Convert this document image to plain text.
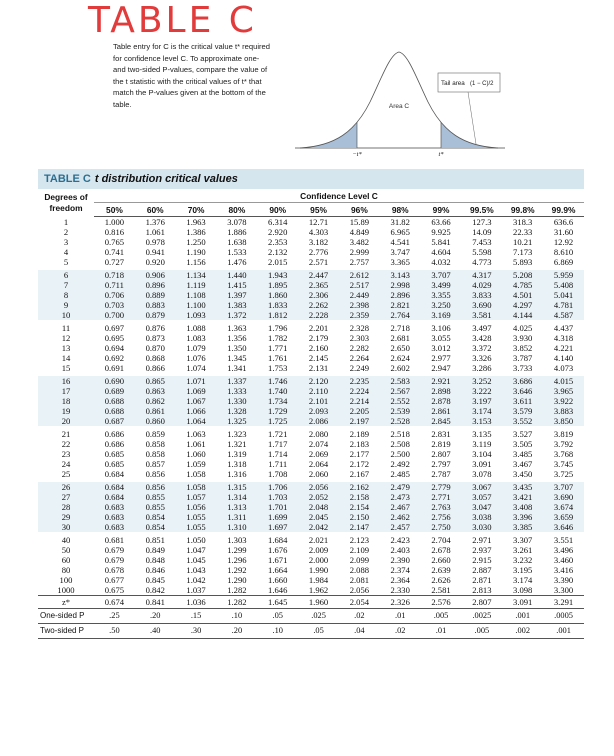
TABLE C
Table entry for C is the critical value t* required for confidence level C. To approximate one- and two-sided P-values, compare the value of the t statistic with the critical values of t* that match the P-values given at the bottom of the table.	Area C
Tail area (1 − C)/2
−t*	t*
TABLE C t distribution critical values
Degrees of
freedom	Confidence Level C											
	50%	60%	70%	80%	90%	95%	96%	98%	99%	99.5%	99.8%	99.9%
1	1.000	1.376	1.963	3.078	6.314	12.71	15.89	31.82	63.66	127.3	318.3	636.6
2	0.816	1.061	1.386	1.886	2.920	4.303	4.849	6.965	9.925	14.09	22.33	31.60
3	0.765	0.978	1.250	1.638	2.353	3.182	3.482	4.541	5.841	7.453	10.21	12.92
4	0.741	0.941	1.190	1.533	2.132	2.776	2.999	3.747	4.604	5.598	7.173	8.610
5	0.727	0.920	1.156	1.476	2.015	2.571	2.757	3.365	4.032	4.773	5.893	6.869

6	0.718	0.906	1.134	1.440	1.943	2.447	2.612	3.143	3.707	4.317	5.208	5.959
7	0.711	0.896	1.119	1.415	1.895	2.365	2.517	2.998	3.499	4.029	4.785	5.408
8	0.706	0.889	1.108	1.397	1.860	2.306	2.449	2.896	3.355	3.833	4.501	5.041
9	0.703	0.883	1.100	1.383	1.833	2.262	2.398	2.821	3.250	3.690	4.297	4.781
10	0.700	0.879	1.093	1.372	1.812	2.228	2.359	2.764	3.169	3.581	4.144	4.587

11	0.697	0.876	1.088	1.363	1.796	2.201	2.328	2.718	3.106	3.497	4.025	4.437
12	0.695	0.873	1.083	1.356	1.782	2.179	2.303	2.681	3.055	3.428	3.930	4.318
13	0.694	0.870	1.079	1.350	1.771	2.160	2.282	2.650	3.012	3.372	3.852	4.221
14	0.692	0.868	1.076	1.345	1.761	2.145	2.264	2.624	2.977	3.326	3.787	4.140
15	0.691	0.866	1.074	1.341	1.753	2.131	2.249	2.602	2.947	3.286	3.733	4.073

16	0.690	0.865	1.071	1.337	1.746	2.120	2.235	2.583	2.921	3.252	3.686	4.015
17	0.689	0.863	1.069	1.333	1.740	2.110	2.224	2.567	2.898	3.222	3.646	3.965
18	0.688	0.862	1.067	1.330	1.734	2.101	2.214	2.552	2.878	3.197	3.611	3.922
19	0.688	0.861	1.066	1.328	1.729	2.093	2.205	2.539	2.861	3.174	3.579	3.883
20	0.687	0.860	1.064	1.325	1.725	2.086	2.197	2.528	2.845	3.153	3.552	3.850

21	0.686	0.859	1.063	1.323	1.721	2.080	2.189	2.518	2.831	3.135	3.527	3.819
22	0.686	0.858	1.061	1.321	1.717	2.074	2.183	2.508	2.819	3.119	3.505	3.792
23	0.685	0.858	1.060	1.319	1.714	2.069	2.177	2.500	2.807	3.104	3.485	3.768
24	0.685	0.857	1.059	1.318	1.711	2.064	2.172	2.492	2.797	3.091	3.467	3.745
25	0.684	0.856	1.058	1.316	1.708	2.060	2.167	2.485	2.787	3.078	3.450	3.725

26	0.684	0.856	1.058	1.315	1.706	2.056	2.162	2.479	2.779	3.067	3.435	3.707
27	0.684	0.855	1.057	1.314	1.703	2.052	2.158	2.473	2.771	3.057	3.421	3.690
28	0.683	0.855	1.056	1.313	1.701	2.048	2.154	2.467	2.763	3.047	3.408	3.674
29	0.683	0.854	1.055	1.311	1.699	2.045	2.150	2.462	2.756	3.038	3.396	3.659
30	0.683	0.854	1.055	1.310	1.697	2.042	2.147	2.457	2.750	3.030	3.385	3.646

40	0.681	0.851	1.050	1.303	1.684	2.021	2.123	2.423	2.704	2.971	3.307	3.551
50	0.679	0.849	1.047	1.299	1.676	2.009	2.109	2.403	2.678	2.937	3.261	3.496
60	0.679	0.848	1.045	1.296	1.671	2.000	2.099	2.390	2.660	2.915	3.232	3.460
80	0.678	0.846	1.043	1.292	1.664	1.990	2.088	2.374	2.639	2.887	3.195	3.416
100	0.677	0.845	1.042	1.290	1.660	1.984	2.081	2.364	2.626	2.871	3.174	3.390
1000	0.675	0.842	1.037	1.282	1.646	1.962	2.056	2.330	2.581	2.813	3.098	3.300
z*	0.674	0.841	1.036	1.282	1.645	1.960	2.054	2.326	2.576	2.807	3.091	3.291
One-sided P	.25	.20	.15	.10	.05	.025	.02	.01	.005	.0025	.001	.0005
Two-sided P	.50	.40	.30	.20	.10	.05	.04	.02	.01	.005	.002	.001
